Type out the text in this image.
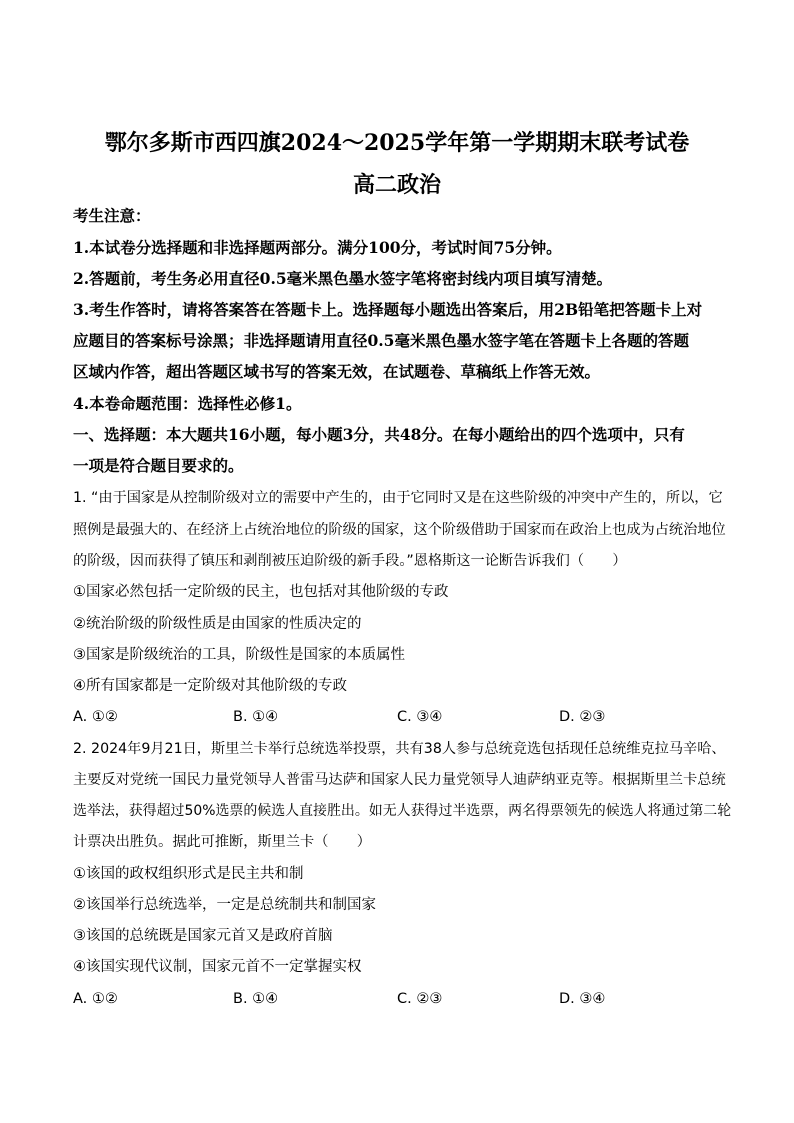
鄂尔多斯市西四旗2024～2025学年第一学期期末联考试卷
高二政治
考生注意：
1.本试卷分选择题和非选择题两部分。满分100分，考试时间75分钟。
2.答题前，考生务必用直径0.5毫米黑色墨水签字笔将密封线内项目填写清楚。
3.考生作答时，请将答案答在答题卡上。选择题每小题选出答案后，用2B铅笔把答题卡上对
应题目的答案标号涂黑；非选择题请用直径0.5毫米黑色墨水签字笔在答题卡上各题的答题
区域内作答，超出答题区域书写的答案无效，在试题卷、草稿纸上作答无效。
4.本卷命题范围：选择性必修1。
一、选择题：本大题共16小题，每小题3分，共48分。在每小题给出的四个选项中，只有
一项是符合题目要求的。
1. “由于国家是从控制阶级对立的需要中产生的，由于它同时又是在这些阶级的冲突中产生的，所以，它
照例是最强大的、在经济上占统治地位的阶级的国家，这个阶级借助于国家而在政治上也成为占统治地位
的阶级，因而获得了镇压和剥削被压迫阶级的新手段。”恩格斯这一论断告诉我们（　　）
①国家必然包括一定阶级的民主，也包括对其他阶级的专政
②统治阶级的阶级性质是由国家的性质决定的
③国家是阶级统治的工具，阶级性是国家的本质属性
④所有国家都是一定阶级对其他阶级的专政
A. ①②	B. ①④	C. ③④	D. ②③
2. 2024年9月21日，斯里兰卡举行总统选举投票，共有38人参与总统竞选包括现任总统维克拉马辛哈、
主要反对党统一国民力量党领导人普雷马达萨和国家人民力量党领导人迪萨纳亚克等。根据斯里兰卡总统
选举法，获得超过50%选票的候选人直接胜出。如无人获得过半选票，两名得票领先的候选人将通过第二轮
计票决出胜负。据此可推断，斯里兰卡（　　）
①该国的政权组织形式是民主共和制
②该国举行总统选举，一定是总统制共和制国家
③该国的总统既是国家元首又是政府首脑
④该国实现代议制，国家元首不一定掌握实权
A. ①②	B. ①④	C. ②③	D. ③④
